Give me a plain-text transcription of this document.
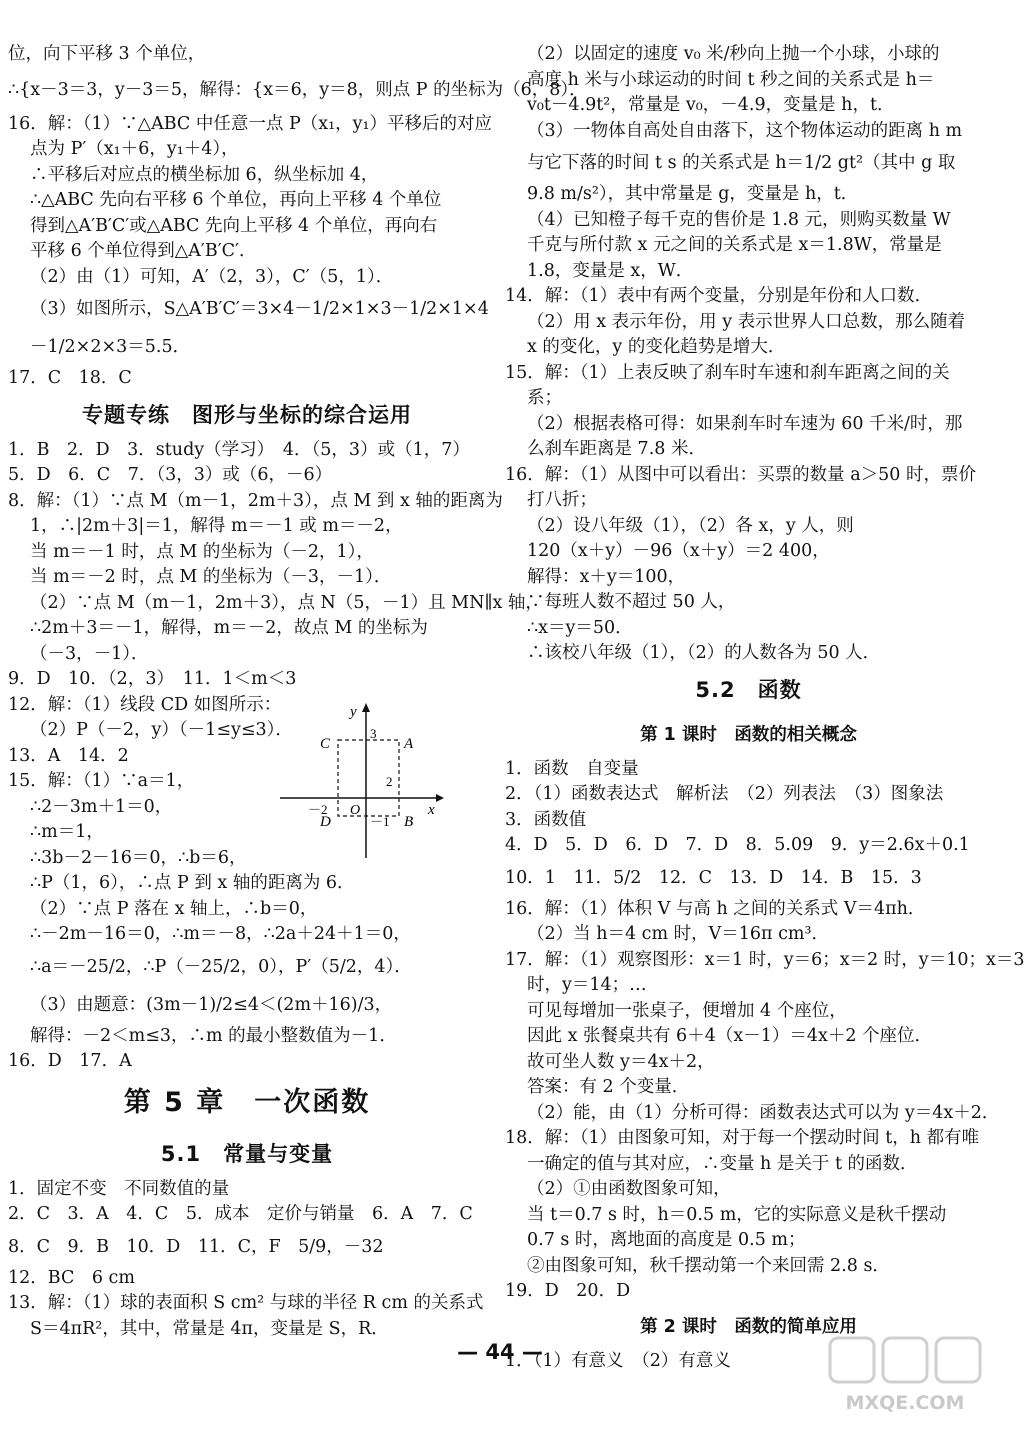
位，向下平移 3 个单位，
∴{x－3＝3，y－3＝5，解得：{x＝6，y＝8，则点 P 的坐标为（6，8）．
16．解：（1）∵△ABC 中任意一点 P（x₁，y₁）平移后的对应
点为 P′（x₁＋6，y₁＋4），
∴平移后对应点的横坐标加 6，纵坐标加 4，
∴△ABC 先向右平移 6 个单位，再向上平移 4 个单位
得到△A′B′C′或△ABC 先向上平移 4 个单位，再向右
平移 6 个单位得到△A′B′C′．
（2）由（1）可知，A′（2，3），C′（5，1）．
（3）如图所示，S△A′B′C′＝3×4－1/2×1×3－1/2×1×4
－1/2×2×3＝5.5．
17．C　18．C
专题专练　图形与坐标的综合运用
1．B　2．D　3．study（学习）　4．（5，3）或（1，7）
5．D　6．C　7．（3，3）或（6，－6）
8．解：（1）∵点 M（m－1，2m＋3），点 M 到 x 轴的距离为
1，∴|2m＋3|＝1，解得 m＝－1 或 m＝－2，
当 m＝－1 时，点 M 的坐标为（－2，1），
当 m＝－2 时，点 M 的坐标为（－3，－1）．
（2）∵点 M（m－1，2m＋3），点 N（5，－1）且 MN∥x 轴，
∴2m＋3＝－1，解得，m＝－2，故点 M 的坐标为
（－3，－1）．
9．D　10．（2，3）　11．1＜m＜3
12．解：（1）线段 CD 如图所示：
（2）P（－2，y）（－1≤y≤3）．
13．A　14．2
15．解：（1）∵a＝1，
∴2－3m＋1＝0，
∴m＝1，
∴3b－2－16＝0，∴b＝6，
∴P（1，6），∴点 P 到 x 轴的距离为 6．
（2）∵点 P 落在 x 轴上，∴b＝0，
∴－2m－16＝0，∴m＝－8，∴2a＋24＋1＝0，
∴a＝－25/2，∴P（－25/2，0），P′（5/2，4）．
（3）由题意：(3m－1)/2≤4＜(2m＋16)/3，
解得：－2＜m≤3，∴m 的最小整数值为－1．
16．D　17．A
第 5 章　一次函数
5.1　常量与变量
1．固定不变　不同数值的量
2．C　3．A　4．C　5．成本　定价与销量　6．A　7．C
8．C　9．B　10．D　11．C，F　5/9，－32
12．BC　6 cm
13．解：（1）球的表面积 S cm² 与球的半径 R cm 的关系式
S＝4πR²，其中，常量是 4π，变量是 S，R．
（2）以固定的速度 v₀ 米/秒向上抛一个小球，小球的
高度 h 米与小球运动的时间 t 秒之间的关系式是 h＝
v₀t－4.9t²，常量是 v₀，－4.9，变量是 h，t．
（3）一物体自高处自由落下，这个物体运动的距离 h m
与它下落的时间 t s 的关系式是 h＝1/2 gt²（其中 g 取
9.8 m/s²），其中常量是 g，变量是 h，t．
（4）已知橙子每千克的售价是 1.8 元，则购买数量 W
千克与所付款 x 元之间的关系式是 x＝1.8W，常量是
1.8，变量是 x，W．
14．解：（1）表中有两个变量，分别是年份和人口数．
（2）用 x 表示年份，用 y 表示世界人口总数，那么随着
x 的变化，y 的变化趋势是增大．
15．解：（1）上表反映了刹车时车速和刹车距离之间的关
系；
（2）根据表格可得：如果刹车时车速为 60 千米/时，那
么刹车距离是 7.8 米．
16．解：（1）从图中可以看出：买票的数量 a＞50 时，票价
打八折；
（2）设八年级（1），（2）各 x，y 人，则
120（x＋y）－96（x＋y）＝2 400，
解得：x＋y＝100，
∵每班人数不超过 50 人，
∴x＝y＝50．
∴该校八年级（1），（2）的人数各为 50 人．
5.2　函数
第 1 课时　函数的相关概念
1．函数　自变量
2．（1）函数表达式　解析法　（2）列表法　（3）图象法
3．函数值
4．D　5．D　6．D　7．D　8．5.09　9．y＝2.6x＋0.1
10．1　11．5/2　12．C　13．D　14．B　15．3
16．解：（1）体积 V 与高 h 之间的关系式 V＝4πh．
（2）当 h＝4 cm 时，V＝16π cm³．
17．解：（1）观察图形：x＝1 时，y＝6；x＝2 时，y＝10；x＝3
时，y＝14；…
可见每增加一张桌子，便增加 4 个座位，
因此 x 张餐桌共有 6＋4（x－1）＝4x＋2 个座位．
故可坐人数 y＝4x＋2，
答案：有 2 个变量．
（2）能，由（1）分析可得：函数表达式可以为 y＝4x＋2．
18．解：（1）由图象可知，对于每一个摆动时间 t，h 都有唯
一确定的值与其对应，∴变量 h 是关于 t 的函数．
（2）①由函数图象可知，
当 t＝0.7 s 时，h＝0.5 m，它的实际意义是秋千摆动
0.7 s 时，离地面的高度是 0.5 m；
②由图象可知，秋千摆动第一个来回需 2.8 s．
19．D　20．D
第 2 课时　函数的简单应用
1．（1）有意义　（2）有意义
y
x
O
C	A
D	B
3
2
－2
－1
— 44 —
MXQE.COM
